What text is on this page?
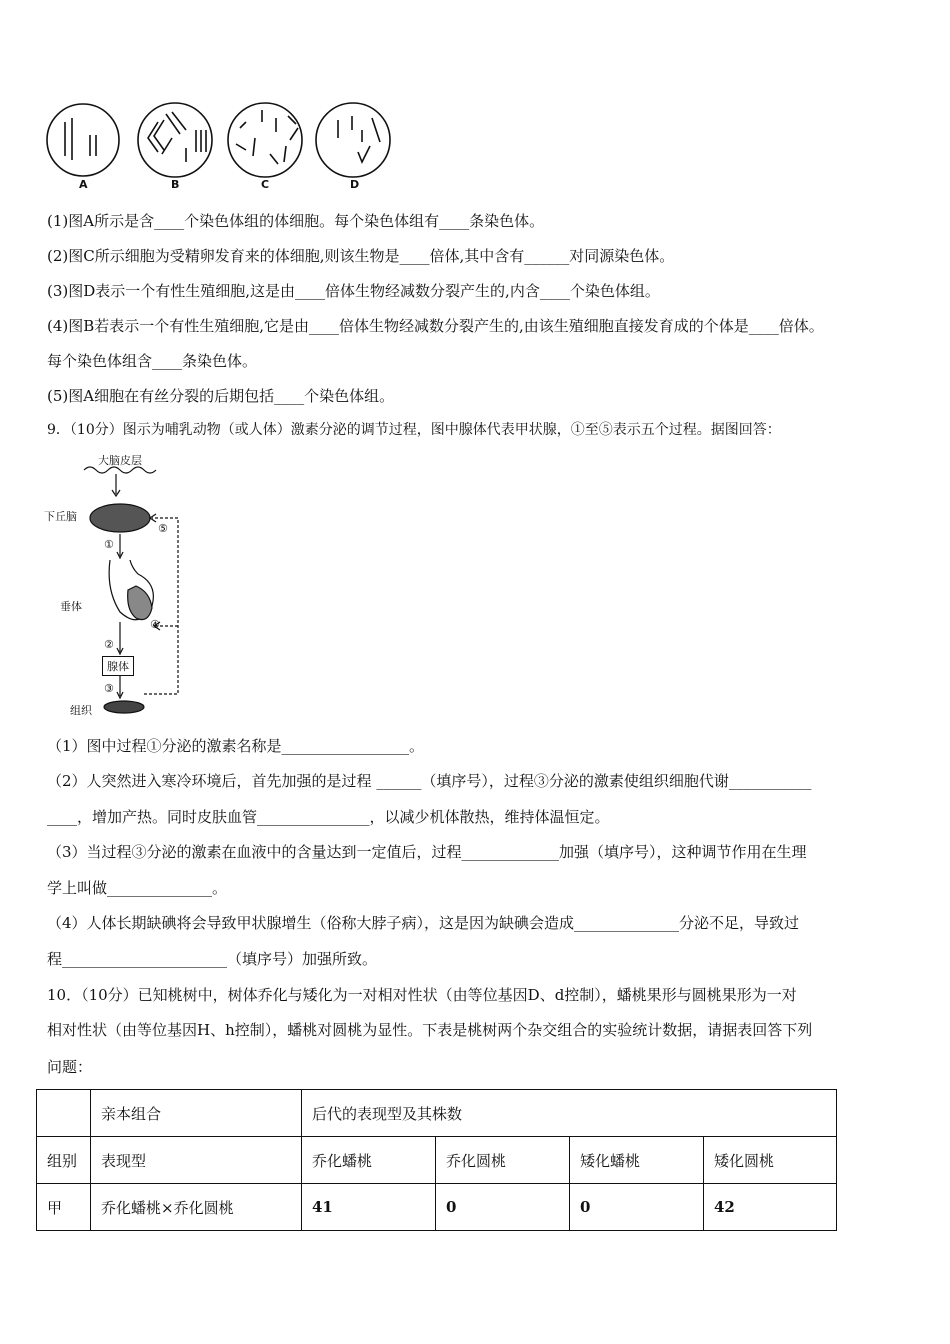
A	B	C	D
(1)图A所示是含____个染色体组的体细胞。每个染色体组有____条染色体。
(2)图C所示细胞为受精卵发育来的体细胞,则该生物是____倍体,其中含有______对同源染色体。
(3)图D表示一个有性生殖细胞,这是由____倍体生物经减数分裂产生的,内含____个染色体组。
(4)图B若表示一个有性生殖细胞,它是由____倍体生物经减数分裂产生的,由该生殖细胞直接发育成的个体是____倍体。
每个染色体组含____条染色体。
(5)图A细胞在有丝分裂的后期包括____个染色体组。
9．（10分）图示为哺乳动物（或人体）激素分泌的调节过程，图中腺体代表甲状腺，①至⑤表示五个过程。据图回答：
大脑皮层
下丘脑
垂体
腺体
组织
①
②
③
④
⑤
（1）图中过程①分泌的激素名称是_________________。
（2）人突然进入寒冷环境后，首先加强的是过程 ______（填序号），过程③分泌的激素使组织细胞代谢___________
____，增加产热。同时皮肤血管_______________，以减少机体散热，维持体温恒定。
（3）当过程③分泌的激素在血液中的含量达到一定值后，过程_____________加强（填序号），这种调节作用在生理
学上叫做______________。
（4）人体长期缺碘将会导致甲状腺增生（俗称大脖子病），这是因为缺碘会造成______________分泌不足，导致过
程______________________（填序号）加强所致。
10．（10分）已知桃树中，树体乔化与矮化为一对相对性状（由等位基因D、d控制），蟠桃果形与圆桃果形为一对
相对性状（由等位基因H、h控制），蟠桃对圆桃为显性。下表是桃树两个杂交组合的实验统计数据，请据表回答下列
问题：
	亲本组合	后代的表现型及其株数			
组别	表现型	乔化蟠桃	乔化圆桃	矮化蟠桃	矮化圆桃
甲	乔化蟠桃×乔化圆桃	41	0	0	42
